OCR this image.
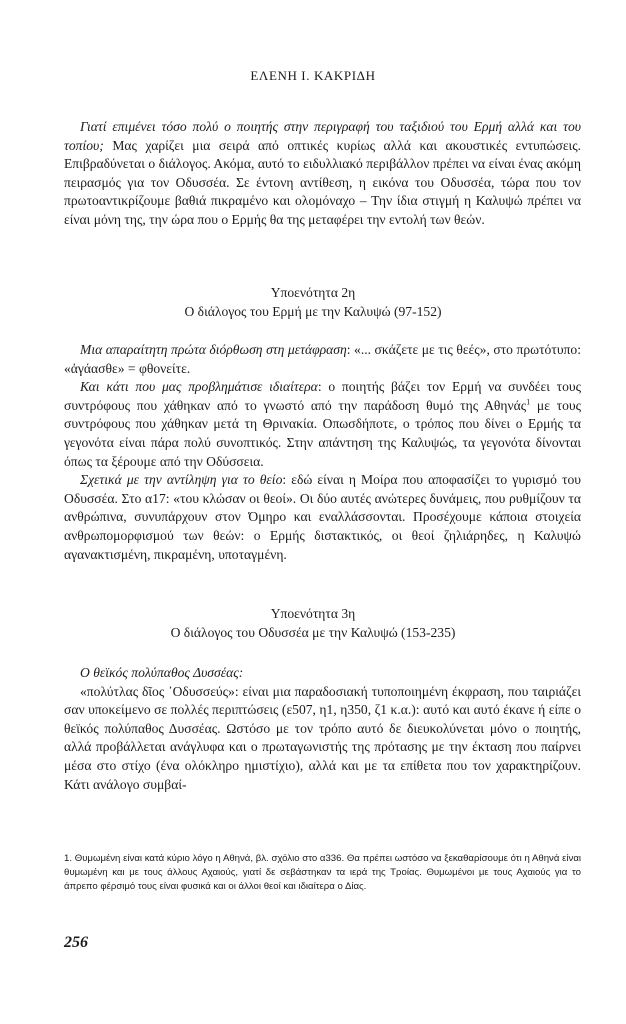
ΕΛΕΝΗ Ι. ΚΑΚΡΙΔΗ

Γιατί επιμένει τόσο πολύ ο ποιητής στην περιγραφή του ταξιδιού του Ερμή αλλά και του τοπίου; Μας χαρίζει μια σειρά από οπτικές κυρίως αλλά και ακουστικές εντυπώσεις. Επιβραδύνεται ο διάλογος. Ακόμα, αυτό το ειδυλλιακό περιβάλλον πρέπει να είναι ένας ακόμη πειρασμός για τον Οδυσσέα. Σε έντονη αντίθεση, η εικόνα του Οδυσσέα, τώρα που τον πρωτοαντικρίζουμε βαθιά πικραμένο και ολομόναχο – Την ίδια στιγμή η Καλυψώ πρέπει να είναι μόνη της, την ώρα που ο Ερμής θα της μεταφέρει την εντολή των θεών.

Υποενότητα 2η
Ο διάλογος του Ερμή με την Καλυψώ (97-152)

Μια απαραίτητη πρώτα διόρθωση στη μετάφραση: «... σκάζετε με τις θεές», στο πρωτότυπο: «ἀγάασθε» = φθονείτε.

Και κάτι που μας προβλημάτισε ιδιαίτερα: ο ποιητής βάζει τον Ερμή να συνδέει τους συντρόφους που χάθηκαν από το γνωστό από την παράδοση θυμό της Αθηνάς$^1$ με τους συντρόφους που χάθηκαν μετά τη Θρινακία. Οπωσδήποτε, ο τρόπος που δίνει ο Ερμής τα γεγονότα είναι πάρα πολύ συνοπτικός. Στην απάντηση της Καλυψώς, τα γεγονότα δίνονται όπως τα ξέρουμε από την Οδύσσεια.

Σχετικά με την αντίληψη για το θείο: εδώ είναι η Μοίρα που αποφασίζει το γυρισμό του Οδυσσέα. Στο α17: «του κλώσαν οι θεοί». Οι δύο αυτές ανώτερες δυνάμεις, που ρυθμίζουν τα ανθρώπινα, συνυπάρχουν στον Όμηρο και εναλλάσσονται. Προσέχουμε κάποια στοιχεία ανθρωπομορφισμού των θεών: ο Ερμής διστακτικός, οι θεοί ζηλιάρηδες, η Καλυψώ αγανακτισμένη, πικραμένη, υποταγμένη.

Υποενότητα 3η
Ο διάλογος του Οδυσσέα με την Καλυψώ (153-235)

Ο θεϊκός πολύπαθος Δυσσέας:

«πολύτλας δῖος ᾿Οδυσσεύς»: είναι μια παραδοσιακή τυποποιημένη έκφραση, που ταιριάζει σαν υποκείμενο σε πολλές περιπτώσεις (ε507, η1, η350, ζ1 κ.α.): αυτό και αυτό έκανε ή είπε ο θεϊκός πολύπαθος Δυσσέας. Ωστόσο με τον τρόπο αυτό δε διευκολύνεται μόνο ο ποιητής, αλλά προβάλλεται ανάγλυφα και ο πρωταγωνιστής της πρότασης με την έκταση που παίρνει μέσα στο στίχο (ένα ολόκληρο ημιστίχιο), αλλά και με τα επίθετα που τον χαρακτηρίζουν. Κάτι ανάλογο συμβαί-

1. Θυμωμένη είναι κατά κύριο λόγο η Αθηνά, βλ. σχόλιο στο α336. Θα πρέπει ωστόσο να ξεκαθαρίσουμε ότι η Αθηνά είναι θυμωμένη και με τους άλλους Αχαιούς, γιατί δε σεβάστηκαν τα ιερά της Τροίας. Θυμωμένοι με τους Αχαιούς για το άπρεπο φέρσιμό τους είναι φυσικά και οι άλλοι θεοί και ιδιαίτερα ο Δίας.
256
